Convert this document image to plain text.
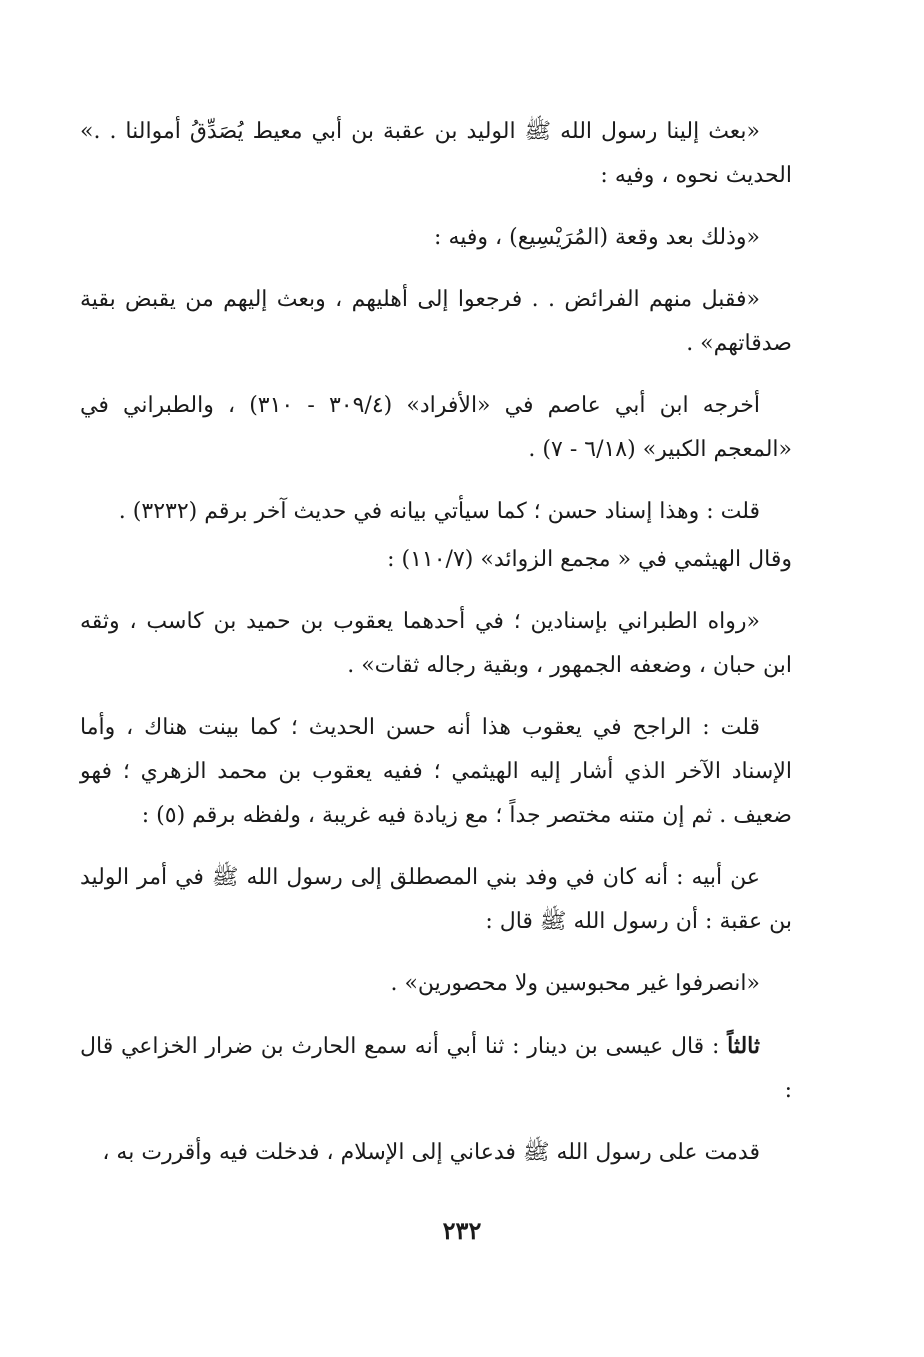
«بعث إلينا رسول الله ﷺ الوليد بن عقبة بن أبي معيط يُصَدِّقُ أموالنا . .» الحديث نحوه ، وفيه :

«وذلك بعد وقعة (المُرَيْسِيع) ، وفيه :

«فقبل منهم الفرائض . . فرجعوا إلى أهليهم ، وبعث إليهم من يقبض بقية صدقاتهم» .

أخرجه ابن أبي عاصم في «الأفراد» (٣٠٩/٤ - ٣١٠) ، والطبراني في «المعجم الكبير» (٦/١٨ - ٧) .

قلت : وهذا إسناد حسن ؛ كما سيأتي بيانه في حديث آخر برقم (٣٢٣٢) .

وقال الهيثمي في « مجمع الزوائد» (١١٠/٧) :

«رواه الطبراني بإسنادين ؛ في أحدهما يعقوب بن حميد بن كاسب ، وثقه ابن حبان ، وضعفه الجمهور ، وبقية رجاله ثقات» .

قلت : الراجح في يعقوب هذا أنه حسن الحديث ؛ كما بينت هناك ، وأما الإسناد الآخر الذي أشار إليه الهيثمي ؛ ففيه يعقوب بن محمد الزهري ؛ فهو ضعيف . ثم إن متنه مختصر جداً ؛ مع زيادة فيه غريبة ، ولفظه برقم (٥) :

عن أبيه : أنه كان في وفد بني المصطلق إلى رسول الله ﷺ في أمر الوليد بن عقبة : أن رسول الله ﷺ قال :

«انصرفوا غير محبوسين ولا محصورين» .

ثالثاً : قال عيسى بن دينار : ثنا أبي أنه سمع الحارث بن ضرار الخزاعي قال :

قدمت على رسول الله ﷺ فدعاني إلى الإسلام ، فدخلت فيه وأقررت به ،

٢٣٢
